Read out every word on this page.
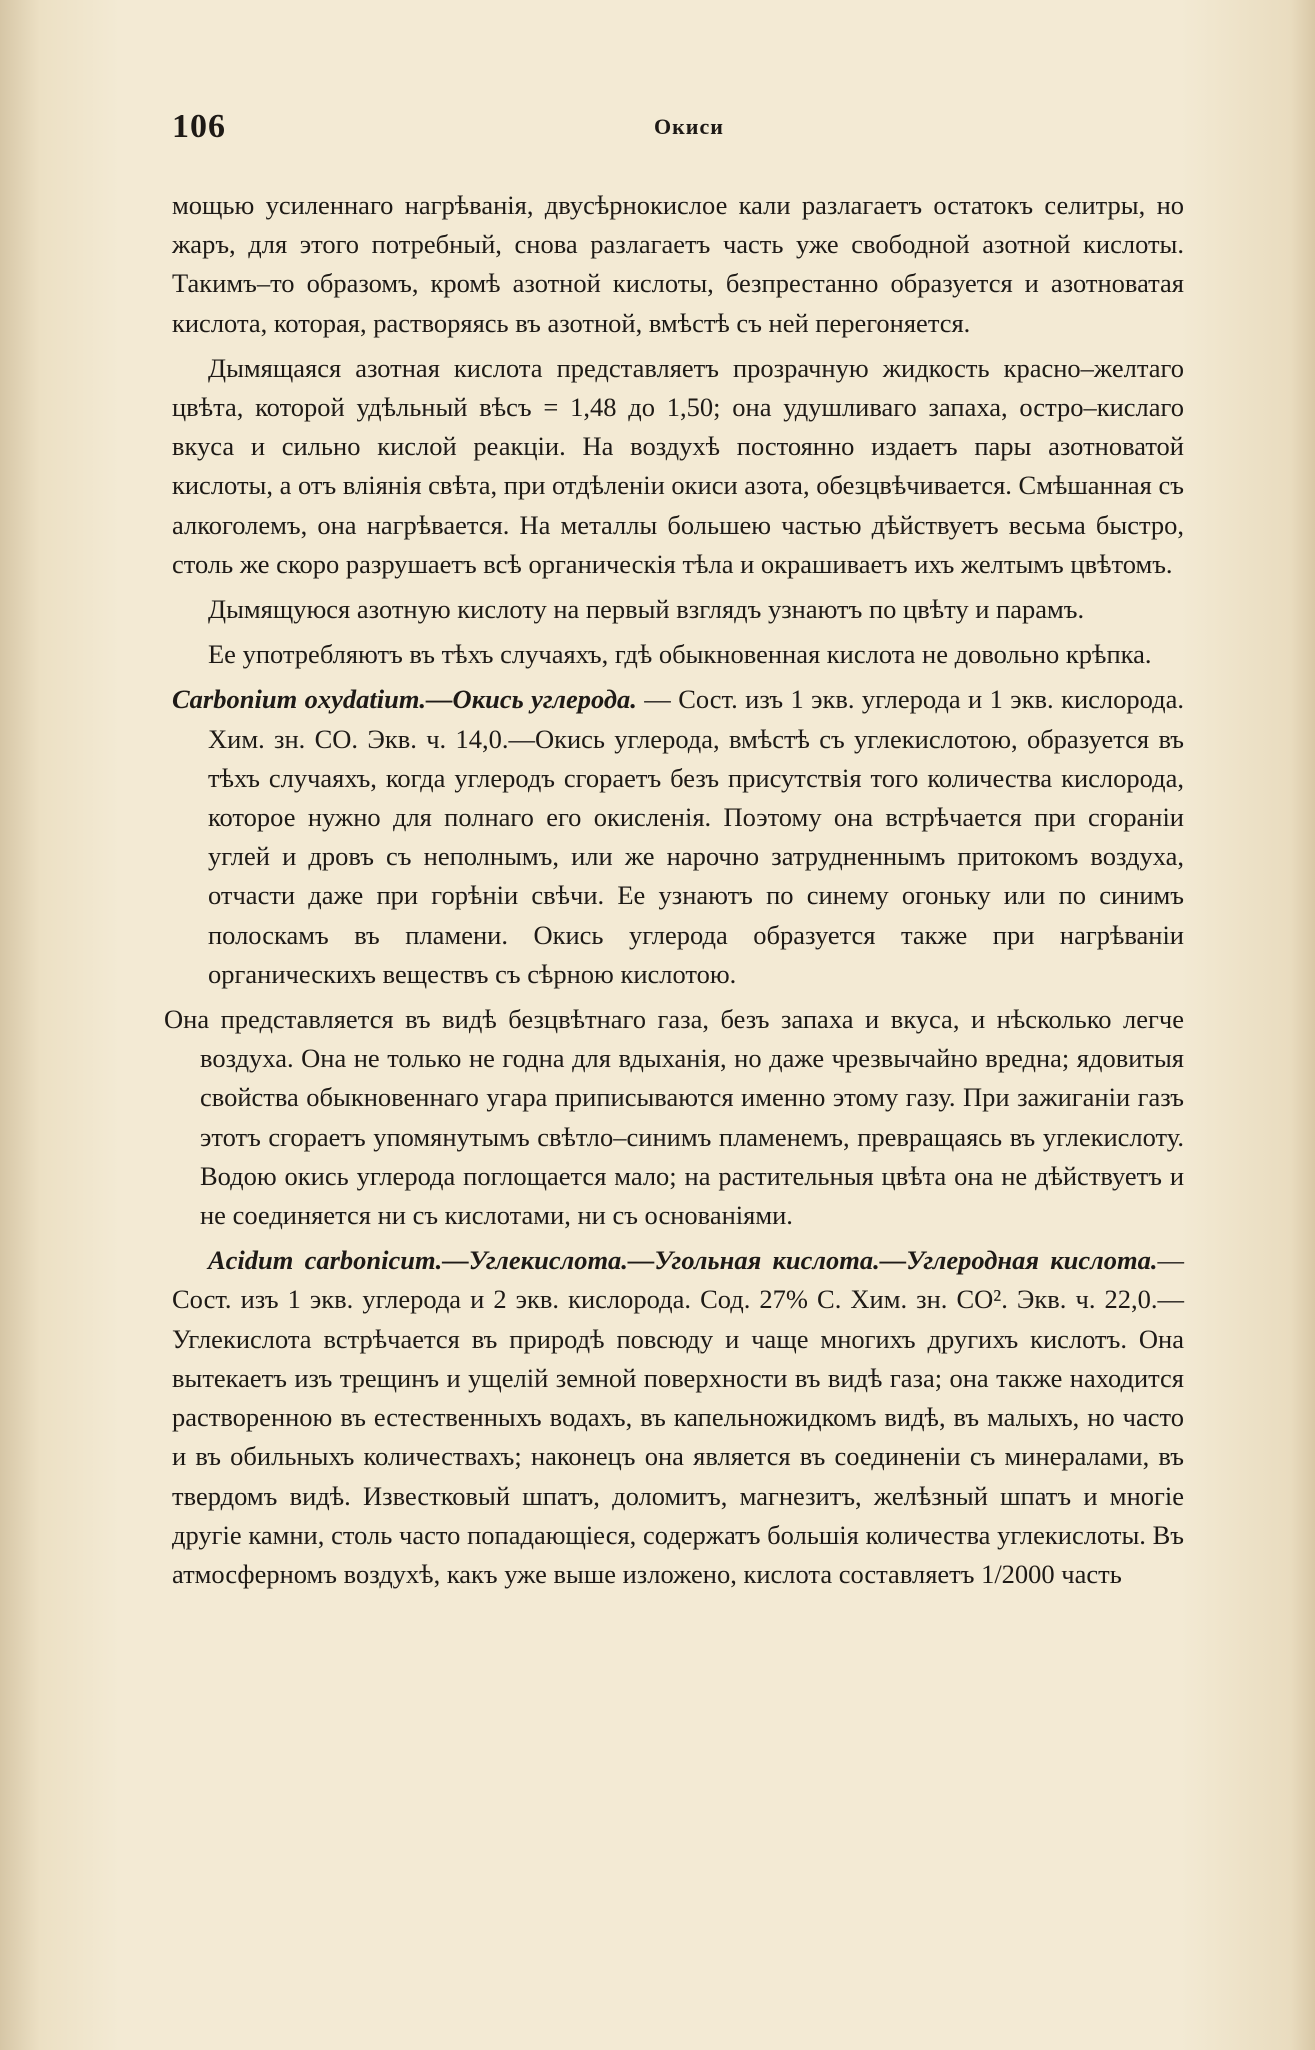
106	Окиси

мощью усиленнаго нагрѣванія, двусѣрнокислое кали разлагаетъ остатокъ селитры, но жаръ, для этого потребный, снова разлагаетъ часть уже свободной азотной кислоты. Такимъ–то образомъ, кромѣ азотной кислоты, безпрестанно образуется и азотноватая кислота, которая, растворяясь въ азотной, вмѣстѣ съ ней перегоняется.

Дымящаяся азотная кислота представляетъ прозрачную жидкость красно–желтаго цвѣта, которой удѣльный вѣсъ = 1,48 до 1,50; она удушливаго запаха, остро–кислаго вкуса и сильно кислой реакціи. На воздухѣ постоянно издаетъ пары азотноватой кислоты, а отъ вліянія свѣта, при отдѣленіи окиси азота, обезцвѣчивается. Смѣшанная съ алкоголемъ, она нагрѣвается. На металлы большею частью дѣйствуетъ весьма быстро, столь же скоро разрушаетъ всѣ органическія тѣла и окрашиваетъ ихъ желтымъ цвѣтомъ.

Дымящуюся азотную кислоту на первый взглядъ узнаютъ по цвѣту и парамъ.

Ее употребляютъ въ тѣхъ случаяхъ, гдѣ обыкновенная кислота не довольно крѣпка.

Carbonium oxydatium.—Окись углерода. — Сост. изъ 1 экв. углерода и 1 экв. кислорода. Хим. зн. СО. Экв. ч. 14,0.—Окись углерода, вмѣстѣ съ углекислотою, образуется въ тѣхъ случаяхъ, когда углеродъ сгораетъ безъ присутствія того количества кислорода, которое нужно для полнаго его окисленія. Поэтому она встрѣчается при сгораніи углей и дровъ съ неполнымъ, или же нарочно затрудненнымъ притокомъ воздуха, отчасти даже при горѣніи свѣчи. Ее узнаютъ по синему огоньку или по синимъ полоскамъ въ пламени. Окись углерода образуется также при нагрѣваніи органическихъ веществъ съ сѣрною кислотою.

Она представляется въ видѣ безцвѣтнаго газа, безъ запаха и вкуса, и нѣсколько легче воздуха. Она не только не годна для вдыханія, но даже чрезвычайно вредна; ядовитыя свойства обыкновеннаго угара приписываются именно этому газу. При зажиганіи газъ этотъ сгораетъ упомянутымъ свѣтло–синимъ пламенемъ, превращаясь въ углекислоту. Водою окись углерода поглощается мало; на растительныя цвѣта она не дѣйствуетъ и не соединяется ни съ кислотами, ни съ основаніями.

Acidum carbonicum.—Углекислота.—Угольная кислота.—Углеродная кислота.—Сост. изъ 1 экв. углерода и 2 экв. кислорода. Сод. 27% С. Хим. зн. СО². Экв. ч. 22,0.—Углекислота встрѣчается въ природѣ повсюду и чаще многихъ другихъ кислотъ. Она вытекаетъ изъ трещинъ и ущелій земной поверхности въ видѣ газа; она также находится растворенною въ естественныхъ водахъ, въ капельножидкомъ видѣ, въ малыхъ, но часто и въ обильныхъ количествахъ; наконецъ она является въ соединеніи съ минералами, въ твердомъ видѣ. Известковый шпатъ, доломитъ, магнезитъ, желѣзный шпатъ и многіе другіе камни, столь часто попадающіеся, содержатъ большія количества углекислоты. Въ атмосферномъ воздухѣ, какъ уже выше изложено, кислота составляетъ 1/2000 часть
